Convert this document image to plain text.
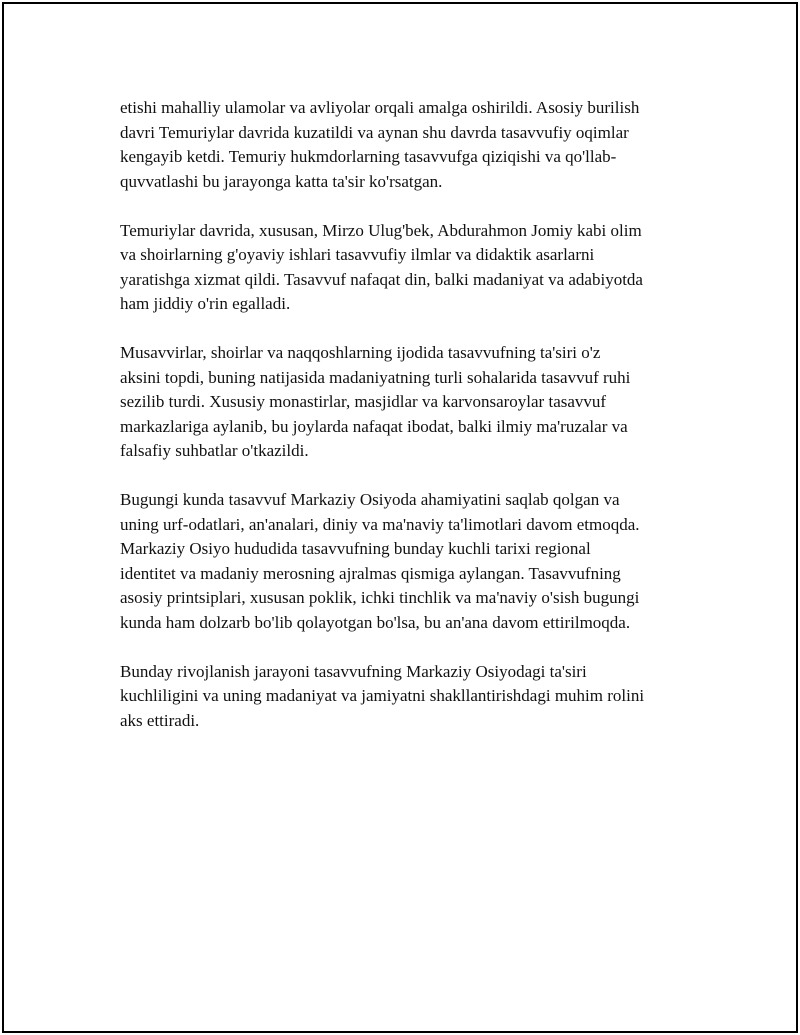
etishi mahalliy ulamolar va avliyolar orqali amalga oshirildi. Asosiy burilish
davri Temuriylar davrida kuzatildi va aynan shu davrda tasavvufiy oqimlar
kengayib ketdi. Temuriy hukmdorlarning tasavvufga qiziqishi va qo'llab-
quvvatlashi bu jarayonga katta ta'sir ko'rsatgan.

Temuriylar davrida, xususan, Mirzo Ulug'bek, Abdurahmon Jomiy kabi olim
va shoirlarning g'oyaviy ishlari tasavvufiy ilmlar va didaktik asarlarni
yaratishga xizmat qildi. Tasavvuf nafaqat din, balki madaniyat va adabiyotda
ham jiddiy o'rin egalladi.

Musavvirlar, shoirlar va naqqoshlarning ijodida tasavvufning ta'siri o'z
aksini topdi, buning natijasida madaniyatning turli sohalarida tasavvuf ruhi
sezilib turdi. Xususiy monastirlar, masjidlar va karvonsaroylar tasavvuf
markazlariga aylanib, bu joylarda nafaqat ibodat, balki ilmiy ma'ruzalar va
falsafiy suhbatlar o'tkazildi.

Bugungi kunda tasavvuf Markaziy Osiyoda ahamiyatini saqlab qolgan va
uning urf-odatlari, an'analari, diniy va ma'naviy ta'limotlari davom etmoqda.
Markaziy Osiyo hududida tasavvufning bunday kuchli tarixi regional
identitet va madaniy merosning ajralmas qismiga aylangan. Tasavvufning
asosiy printsiplari, xususan poklik, ichki tinchlik va ma'naviy o'sish bugungi
kunda ham dolzarb bo'lib qolayotgan bo'lsa, bu an'ana davom ettirilmoqda.

Bunday rivojlanish jarayoni tasavvufning Markaziy Osiyodagi ta'siri
kuchliligini va uning madaniyat va jamiyatni shakllantirishdagi muhim rolini
aks ettiradi.
